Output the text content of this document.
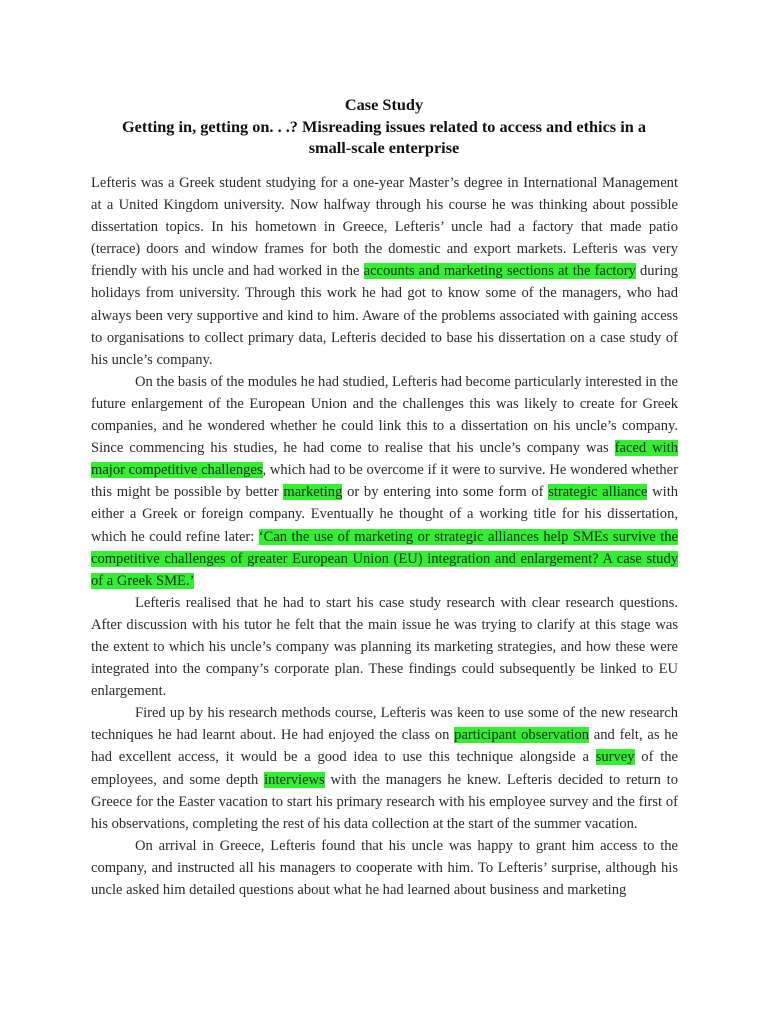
Case Study
Getting in, getting on. . .? Misreading issues related to access and ethics in a
small-scale enterprise

Lefteris was a Greek student studying for a one-year Master’s degree in International Management at a United Kingdom university. Now halfway through his course he was thinking about possible dissertation topics. In his hometown in Greece, Lefteris’ uncle had a factory that made patio (terrace) doors and window frames for both the domestic and export markets. Lefteris was very friendly with his uncle and had worked in the accounts and marketing sections at the factory during holidays from university. Through this work he had got to know some of the managers, who had always been very supportive and kind to him. Aware of the problems associated with gaining access to organisations to collect primary data, Lefteris decided to base his dissertation on a case study of his uncle’s company.

On the basis of the modules he had studied, Lefteris had become particularly interested in the future enlargement of the European Union and the challenges this was likely to create for Greek companies, and he wondered whether he could link this to a dissertation on his uncle’s company. Since commencing his studies, he had come to realise that his uncle’s company was faced with major competitive challenges, which had to be overcome if it were to survive. He wondered whether this might be possible by better marketing or by entering into some form of strategic alliance with either a Greek or foreign company. Eventually he thought of a working title for his dissertation, which he could refine later: ‘Can the use of marketing or strategic alliances help SMEs survive the competitive challenges of greater European Union (EU) integration and enlargement? A case study of a Greek SME.’

Lefteris realised that he had to start his case study research with clear research questions. After discussion with his tutor he felt that the main issue he was trying to clarify at this stage was the extent to which his uncle’s company was planning its marketing strategies, and how these were integrated into the company’s corporate plan. These findings could subsequently be linked to EU enlargement.

Fired up by his research methods course, Lefteris was keen to use some of the new research techniques he had learnt about. He had enjoyed the class on participant observation and felt, as he had excellent access, it would be a good idea to use this technique alongside a survey of the employees, and some depth interviews with the managers he knew. Lefteris decided to return to Greece for the Easter vacation to start his primary research with his employee survey and the first of his observations, completing the rest of his data collection at the start of the summer vacation.

On arrival in Greece, Lefteris found that his uncle was happy to grant him access to the company, and instructed all his managers to cooperate with him. To Lefteris’ surprise, although his uncle asked him detailed questions about what he had learned about business and marketing
